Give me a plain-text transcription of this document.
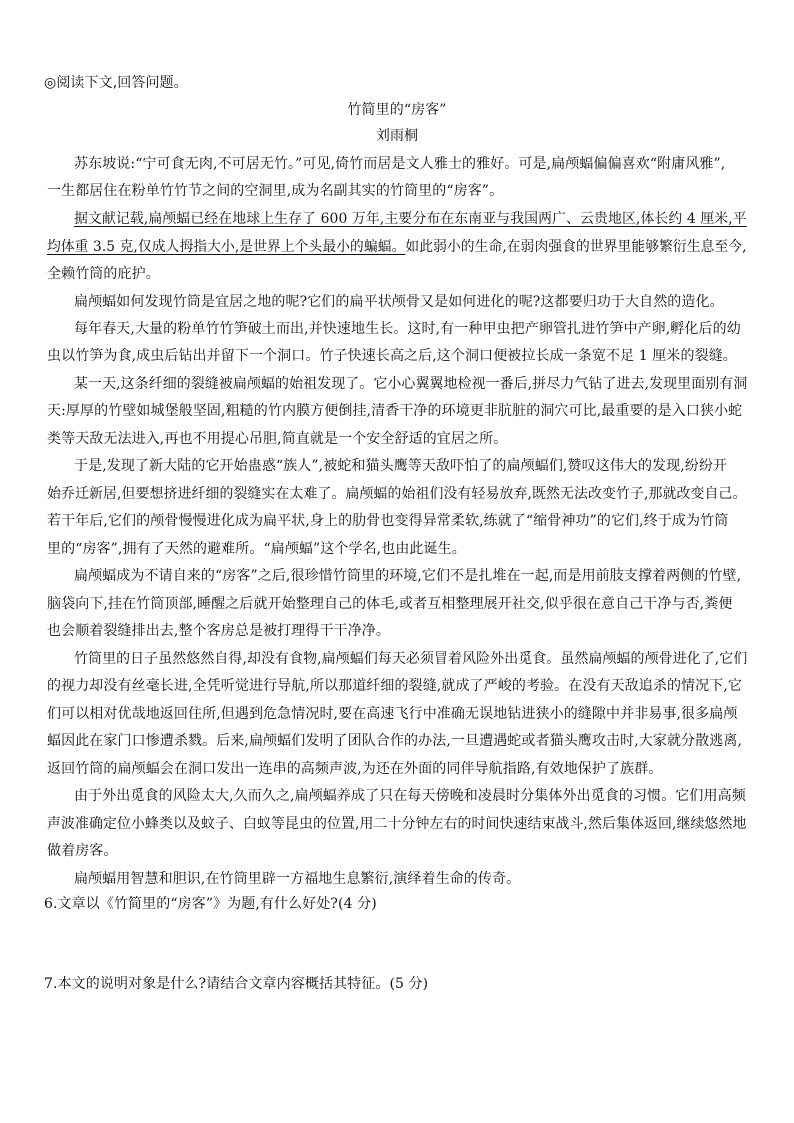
◎阅读下文,回答问题。
竹简里的“房客”
刘雨桐
苏东坡说:“宁可食无肉,不可居无竹。”可见,倚竹而居是文人雅士的雅好。可是,扁颅蝠偏偏喜欢“附庸风雅”,
一生都居住在粉单竹竹节之间的空洞里,成为名副其实的竹筒里的“房客”。
据文献记载,扁颅蝠已经在地球上生存了 600 万年,主要分布在东南亚与我国两广、云贵地区,体长约 4 厘米,平
均体重 3.5 克,仅成人拇指大小,是世界上个头最小的蝙蝠。如此弱小的生命,在弱肉强食的世界里能够繁衍生息至今,
全赖竹筒的庇护。
扁颅蝠如何发现竹筒是宜居之地的呢?它们的扁平状颅骨又是如何进化的呢?这都要归功于大自然的造化。
每年春天,大量的粉单竹竹笋破土而出,并快速地生长。这时,有一种甲虫把产卵管扎进竹笋中产卵,孵化后的幼
虫以竹笋为食,成虫后钻出并留下一个洞口。竹子快速长高之后,这个洞口便被拉长成一条宽不足 1 厘米的裂缝。
某一天,这条纤细的裂缝被扁颅蝠的始祖发现了。它小心翼翼地检视一番后,拼尽力气钻了进去,发现里面别有洞
天:厚厚的竹壁如城堡般坚固,粗糙的竹内膜方便倒挂,清香干净的环境更非肮脏的洞穴可比,最重要的是入口狭小蛇
类等天敌无法进入,再也不用提心吊胆,简直就是一个安全舒适的宜居之所。
于是,发现了新大陆的它开始蛊惑“族人”,被蛇和猫头鹰等天敌吓怕了的扁颅蝠们,赞叹这伟大的发现,纷纷开
始乔迁新居,但要想挤进纤细的裂缝实在太难了。扁颅蝠的始祖们没有轻易放弃,既然无法改变竹子,那就改变自己。
若干年后,它们的颅骨慢慢进化成为扁平状,身上的肋骨也变得异常柔软,练就了“缩骨神功”的它们,终于成为竹筒
里的“房客”,拥有了天然的避难所。“扁颅蝠”这个学名,也由此诞生。
扁颅蝠成为不请自来的“房客”之后,很珍惜竹筒里的环境,它们不是扎堆在一起,而是用前肢支撑着两侧的竹壁,
脑袋向下,挂在竹筒顶部,睡醒之后就开始整理自己的体毛,或者互相整理展开社交,似乎很在意自己干净与否,粪便
也会顺着裂缝排出去,整个客房总是被打理得干干净净。
竹筒里的日子虽然悠然自得,却没有食物,扁颅蝠们每天必须冒着风险外出觅食。虽然扁颅蝠的颅骨进化了,它们
的视力却没有丝毫长进,全凭听觉进行导航,所以那道纤细的裂缝,就成了严峻的考验。在没有天敌追杀的情况下,它
们可以相对优哉地返回住所,但遇到危急情况时,要在高速飞行中准确无误地钻进狭小的缝隙中并非易事,很多扁颅
蝠因此在家门口惨遭杀戮。后来,扁颅蝠们发明了团队合作的办法,一旦遭遇蛇或者猫头鹰攻击时,大家就分散逃离,
返回竹筒的扁颅蝠会在洞口发出一连串的高频声波,为还在外面的同伴导航指路,有效地保护了族群。
由于外出觅食的风险太大,久而久之,扁颅蝠养成了只在每天傍晚和凌晨时分集体外出觅食的习惯。它们用高频
声波准确定位小蜂类以及蚊子、白蚁等昆虫的位置,用二十分钟左右的时间快速结束战斗,然后集体返回,继续悠然地
做着房客。
扁颅蝠用智慧和胆识,在竹筒里辟一方福地生息繁衍,演绎着生命的传奇。
6.文章以《竹简里的“房客”》为题,有什么好处?(4 分)
7.本文的说明对象是什么?请结合文章内容概括其特征。(5 分)
